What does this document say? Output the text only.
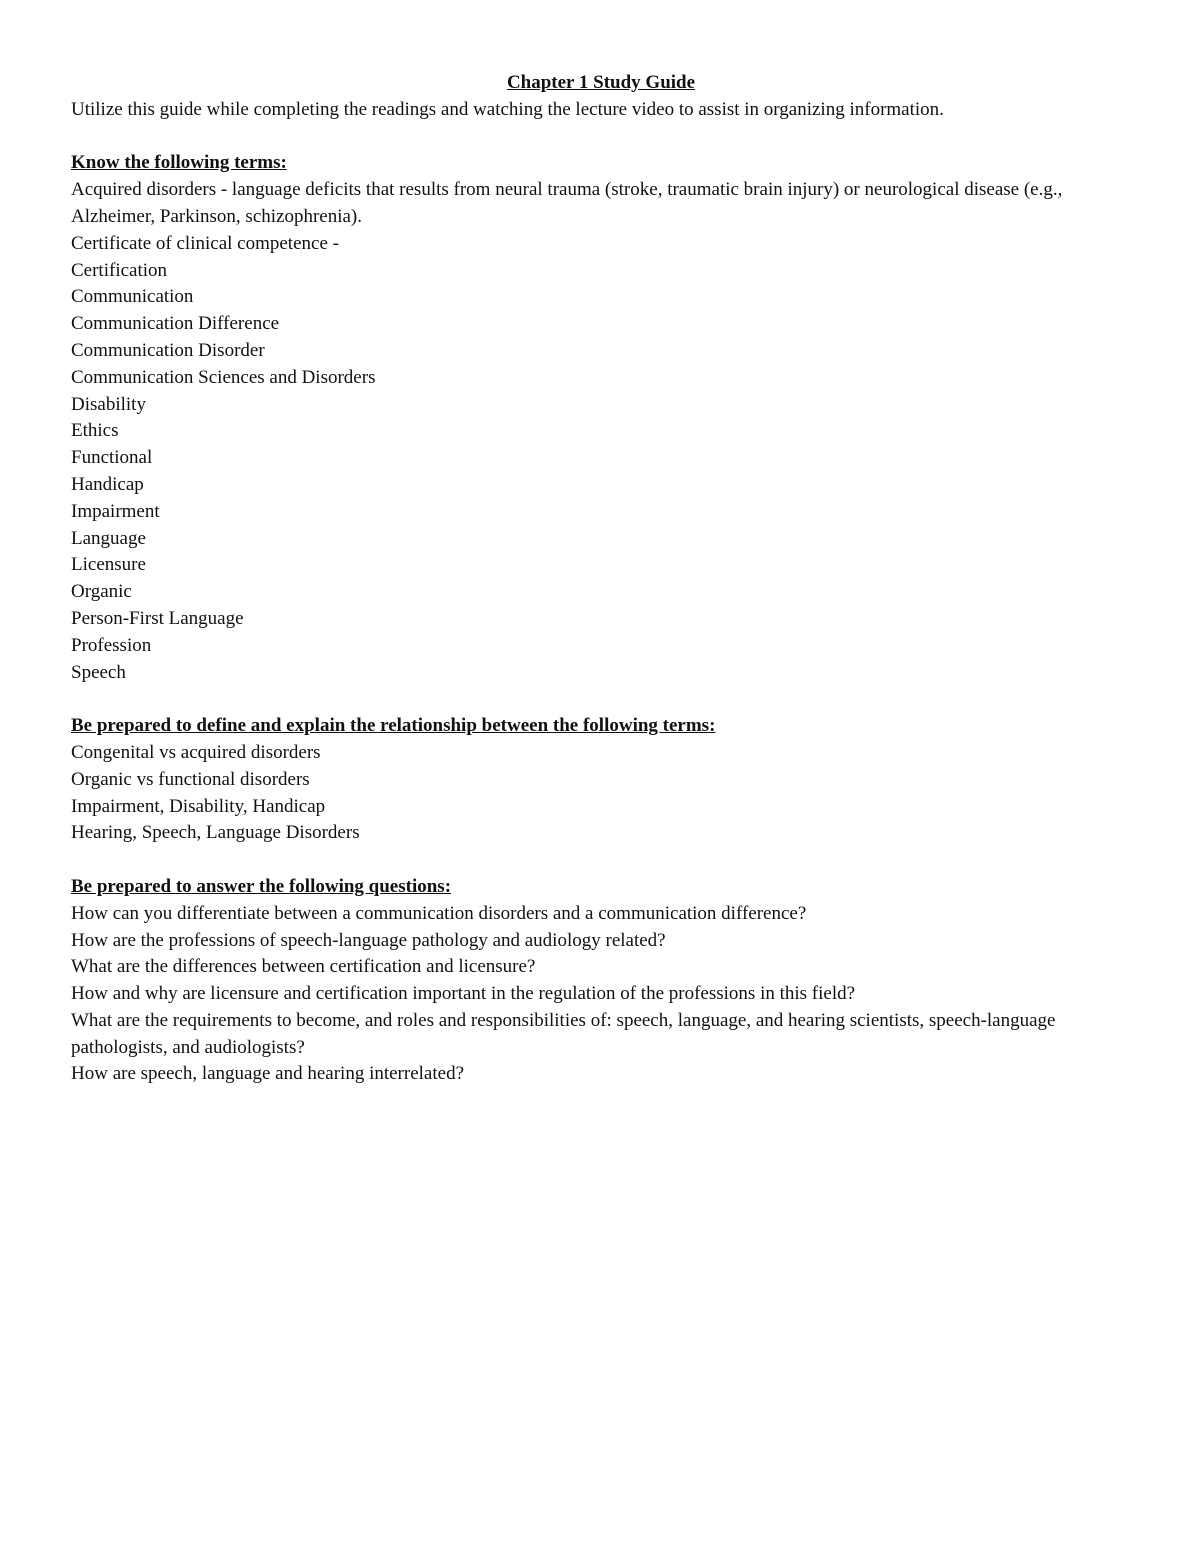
Chapter 1 Study Guide

Utilize this guide while completing the readings and watching the lecture video to assist in organizing information.

Know the following terms:

Acquired disorders - language deficits that results from neural trauma (stroke, traumatic brain injury) or neurological disease (e.g., Alzheimer, Parkinson, schizophrenia).
Certificate of clinical competence -
Certification
Communication
Communication Difference
Communication Disorder
Communication Sciences and Disorders
Disability
Ethics
Functional
Handicap
Impairment
Language
Licensure
Organic
Person-First Language
Profession
Speech

Be prepared to define and explain the relationship between the following terms:

Congenital vs acquired disorders
Organic vs functional disorders
Impairment, Disability, Handicap
Hearing, Speech, Language Disorders

Be prepared to answer the following questions:

How can you differentiate between a communication disorders and a communication difference?
How are the professions of speech-language pathology and audiology related?
What are the differences between certification and licensure?
How and why are licensure and certification important in the regulation of the professions in this field?
What are the requirements to become, and roles and responsibilities of: speech, language, and hearing scientists, speech-language pathologists, and audiologists?
How are speech, language and hearing interrelated?
